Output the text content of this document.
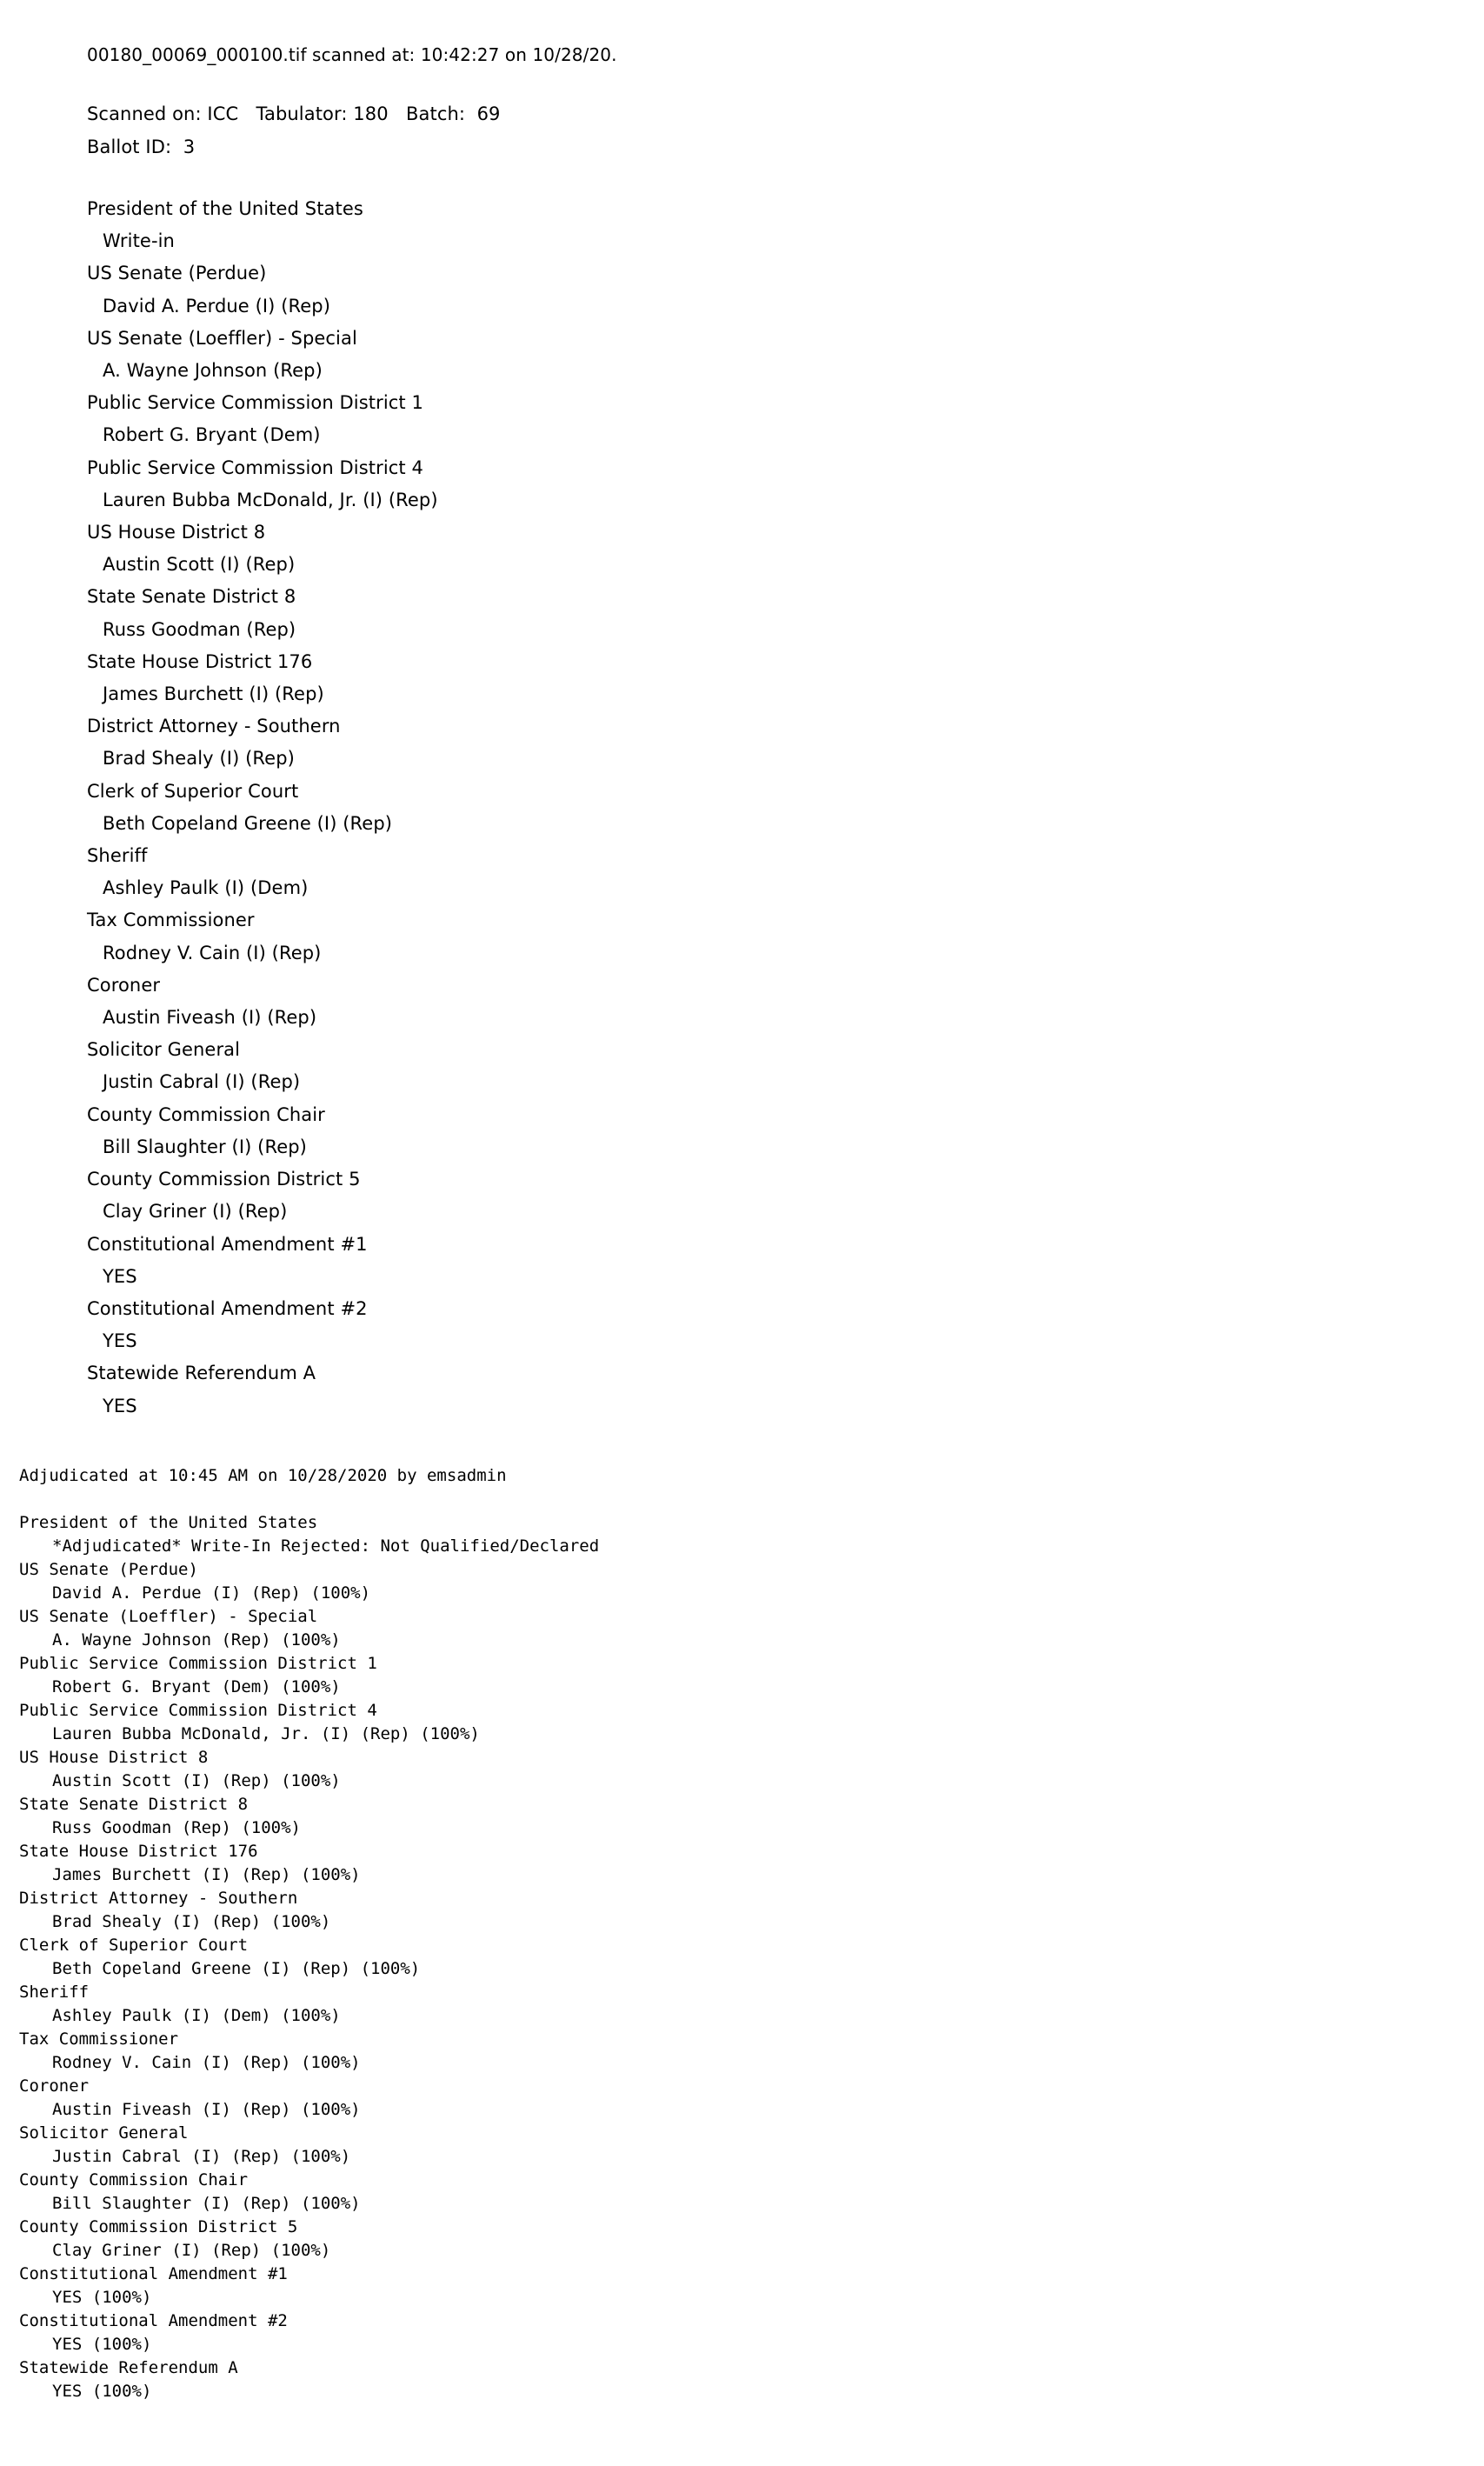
00180_00069_000100.tif scanned at: 10:42:27 on 10/28/20.
Scanned on: ICC   Tabulator: 180   Batch:  69
Ballot ID:  3
President of the United States
Write-in
US Senate (Perdue)
David A. Perdue (I) (Rep)
US Senate (Loeffler) - Special
A. Wayne Johnson (Rep)
Public Service Commission District 1
Robert G. Bryant (Dem)
Public Service Commission District 4
Lauren Bubba McDonald, Jr. (I) (Rep)
US House District 8
Austin Scott (I) (Rep)
State Senate District 8
Russ Goodman (Rep)
State House District 176
James Burchett (I) (Rep)
District Attorney - Southern
Brad Shealy (I) (Rep)
Clerk of Superior Court
Beth Copeland Greene (I) (Rep)
Sheriff
Ashley Paulk (I) (Dem)
Tax Commissioner
Rodney V. Cain (I) (Rep)
Coroner
Austin Fiveash (I) (Rep)
Solicitor General
Justin Cabral (I) (Rep)
County Commission Chair
Bill Slaughter (I) (Rep)
County Commission District 5
Clay Griner (I) (Rep)
Constitutional Amendment #1
YES
Constitutional Amendment #2
YES
Statewide Referendum A
YES
Adjudicated at 10:45 AM on 10/28/2020 by emsadmin
President of the United States
*Adjudicated* Write-In Rejected: Not Qualified/Declared
US Senate (Perdue)
David A. Perdue (I) (Rep) (100%)
US Senate (Loeffler) - Special
A. Wayne Johnson (Rep) (100%)
Public Service Commission District 1
Robert G. Bryant (Dem) (100%)
Public Service Commission District 4
Lauren Bubba McDonald, Jr. (I) (Rep) (100%)
US House District 8
Austin Scott (I) (Rep) (100%)
State Senate District 8
Russ Goodman (Rep) (100%)
State House District 176
James Burchett (I) (Rep) (100%)
District Attorney - Southern
Brad Shealy (I) (Rep) (100%)
Clerk of Superior Court
Beth Copeland Greene (I) (Rep) (100%)
Sheriff
Ashley Paulk (I) (Dem) (100%)
Tax Commissioner
Rodney V. Cain (I) (Rep) (100%)
Coroner
Austin Fiveash (I) (Rep) (100%)
Solicitor General
Justin Cabral (I) (Rep) (100%)
County Commission Chair
Bill Slaughter (I) (Rep) (100%)
County Commission District 5
Clay Griner (I) (Rep) (100%)
Constitutional Amendment #1
YES (100%)
Constitutional Amendment #2
YES (100%)
Statewide Referendum A
YES (100%)
